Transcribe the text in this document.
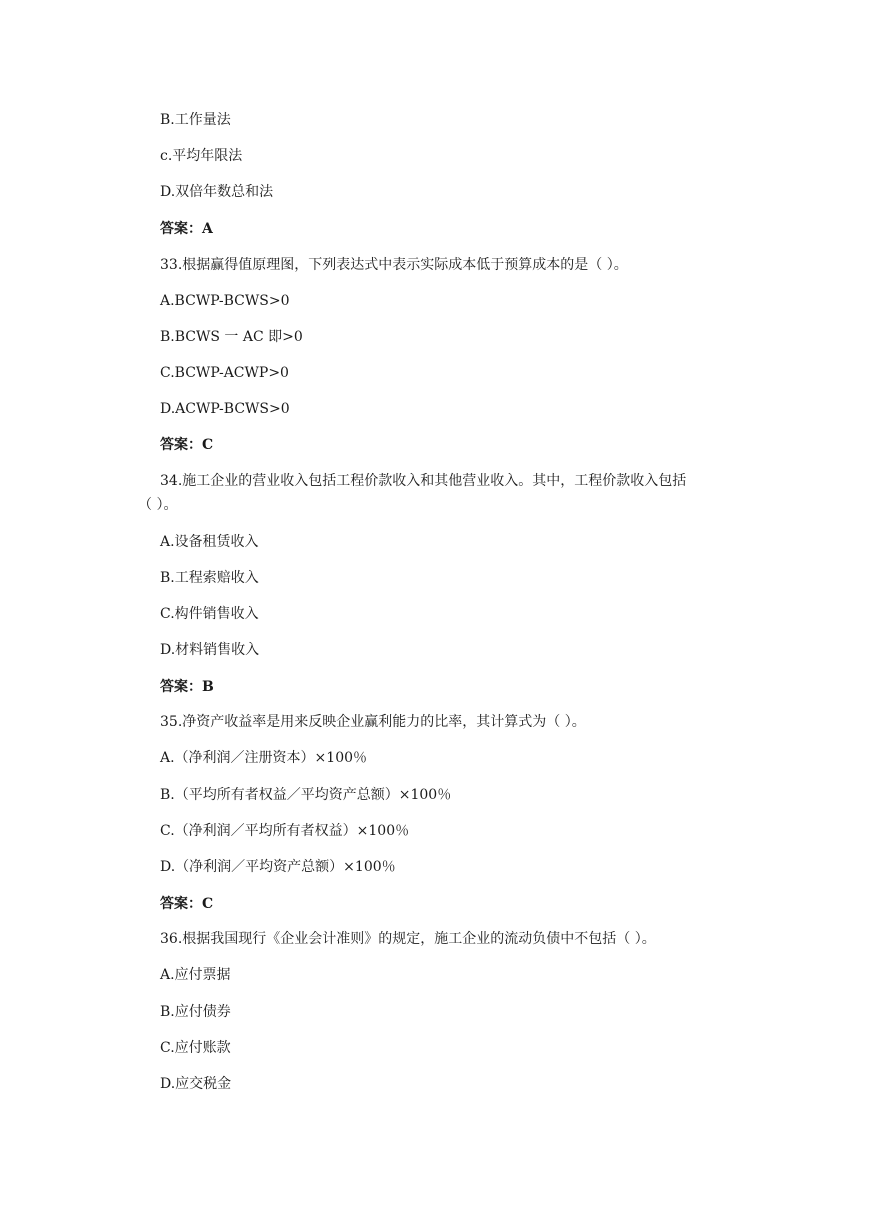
B.工作量法
c.平均年限法
D.双倍年数总和法
答案：A
33.根据赢得值原理图，下列表达式中表示实际成本低于预算成本的是（ ）。
A.BCWP-BCWS>0
B.BCWS 一 AC 即>0
C.BCWP-ACWP>0
D.ACWP-BCWS>0
答案：C
34.施工企业的营业收入包括工程价款收入和其他营业收入。其中，工程价款收入包括
（ ）。
A.设备租赁收入
B.工程索赔收入
C.构件销售收入
D.材料销售收入
答案：B
35.净资产收益率是用来反映企业赢利能力的比率，其计算式为（ ）。
A.（净利润／注册资本）×100％
B.（平均所有者权益／平均资产总额）×100％
C.（净利润／平均所有者权益）×100％
D.（净利润／平均资产总额）×100％
答案：C
36.根据我国现行《企业会计准则》的规定，施工企业的流动负债中不包括（ ）。
A.应付票据
B.应付债券
C.应付账款
D.应交税金
